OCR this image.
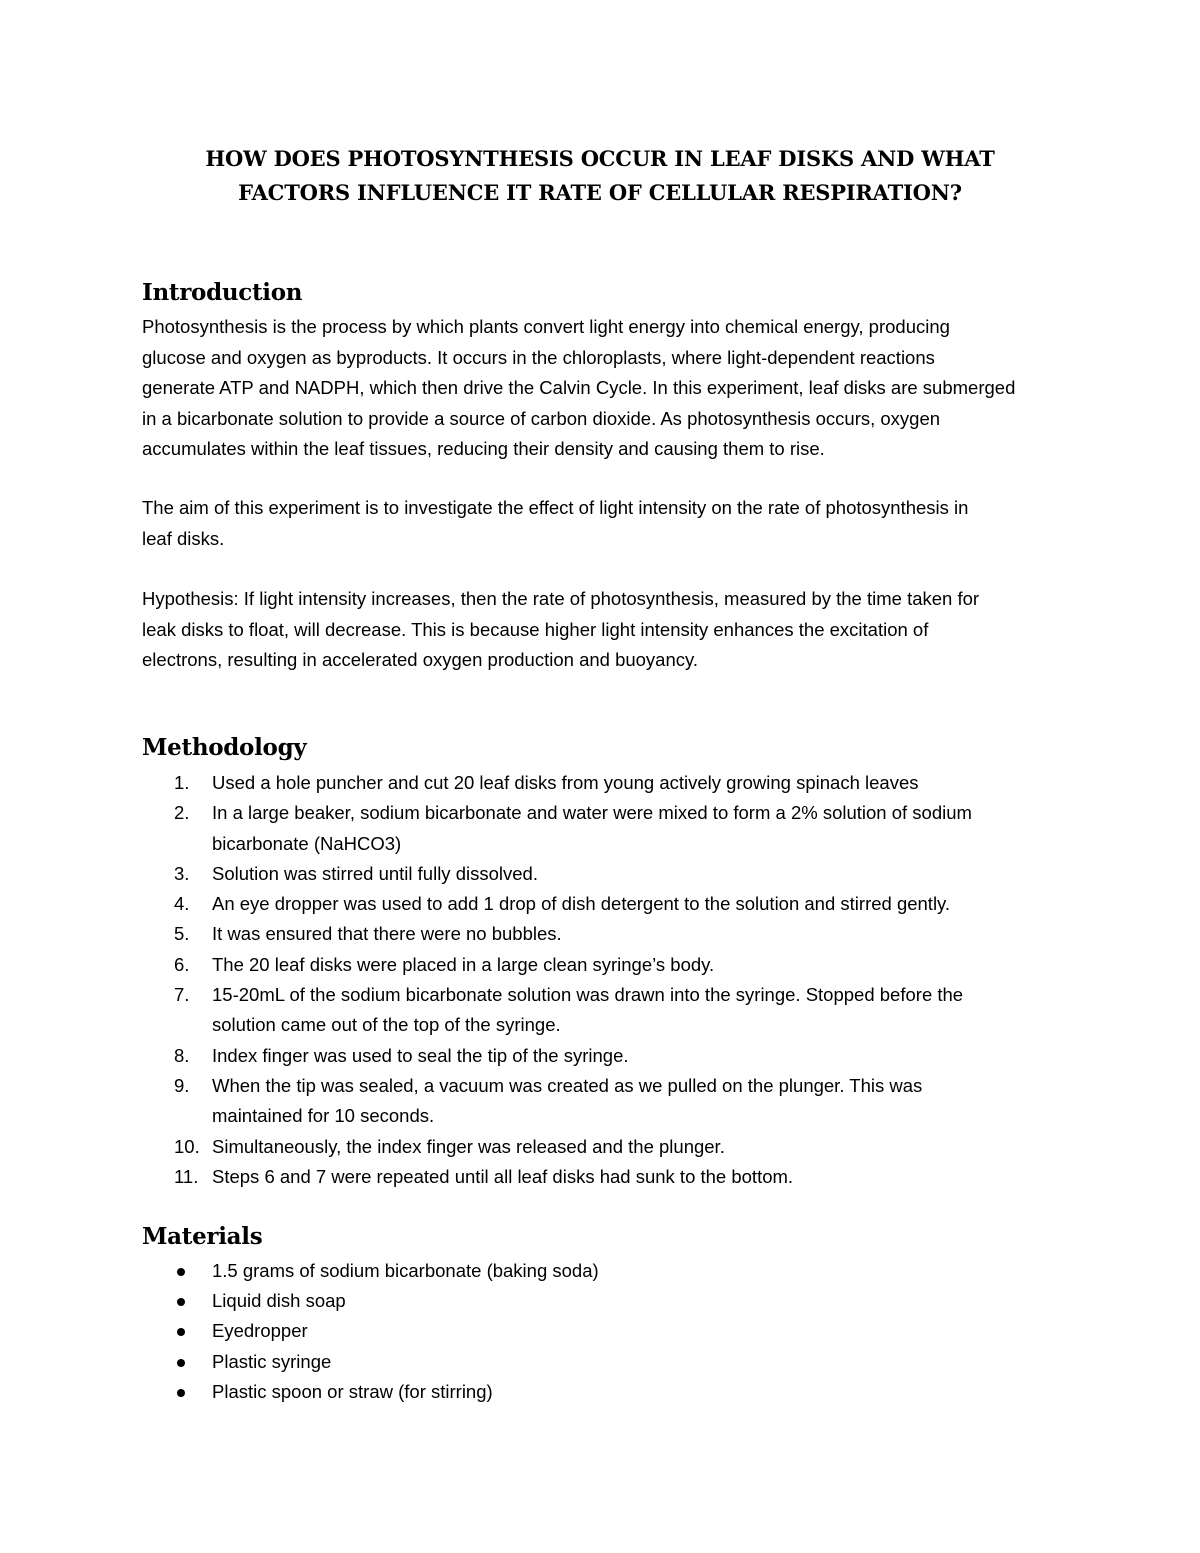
HOW DOES PHOTOSYNTHESIS OCCUR IN LEAF DISKS AND WHAT
FACTORS INFLUENCE IT RATE OF CELLULAR RESPIRATION?
Introduction
Photosynthesis is the process by which plants convert light energy into chemical energy, producing
glucose and oxygen as byproducts. It occurs in the chloroplasts, where light-dependent reactions
generate ATP and NADPH, which then drive the Calvin Cycle. In this experiment, leaf disks are submerged
in a bicarbonate solution to provide a source of carbon dioxide. As photosynthesis occurs, oxygen
accumulates within the leaf tissues, reducing their density and causing them to rise.
The aim of this experiment is to investigate the effect of light intensity on the rate of photosynthesis in
leaf disks.
Hypothesis: If light intensity increases, then the rate of photosynthesis, measured by the time taken for
leak disks to float, will decrease. This is because higher light intensity enhances the excitation of
electrons, resulting in accelerated oxygen production and buoyancy.
Methodology
1.	Used a hole puncher and cut 20 leaf disks from young actively growing spinach leaves
2.	In a large beaker, sodium bicarbonate and water were mixed to form a 2% solution of sodium
bicarbonate (NaHCO3)
3.	Solution was stirred until fully dissolved.
4.	An eye dropper was used to add 1 drop of dish detergent to the solution and stirred gently.
5.	It was ensured that there were no bubbles.
6.	The 20 leaf disks were placed in a large clean syringe’s body.
7.	15-20mL of the sodium bicarbonate solution was drawn into the syringe. Stopped before the
solution came out of the top of the syringe.
8.	Index finger was used to seal the tip of the syringe.
9.	When the tip was sealed, a vacuum was created as we pulled on the plunger. This was
maintained for 10 seconds.
10. Simultaneously, the index finger was released and the plunger.
11. Steps 6 and 7 were repeated until all leaf disks had sunk to the bottom.
Materials
1.5 grams of sodium bicarbonate (baking soda)
Liquid dish soap
Eyedropper
Plastic syringe
Plastic spoon or straw (for stirring)
